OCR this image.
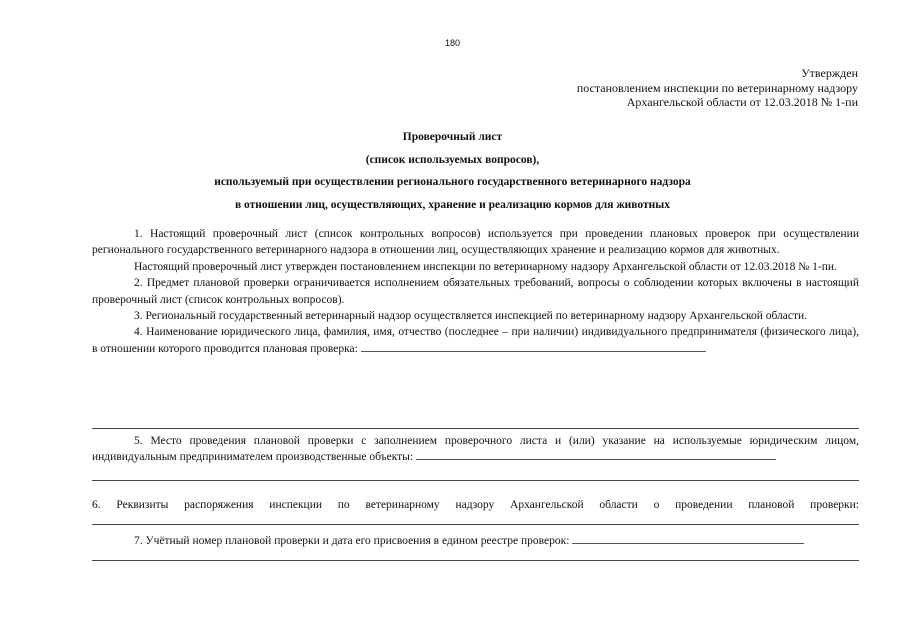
180
Утвержден
постановлением инспекции по ветеринарному надзору
Архангельской области от 12.03.2018 № 1-пи
Проверочный лист
(список используемых вопросов),
используемый при осуществлении регионального государственного ветеринарного надзора
в отношении лиц, осуществляющих, хранение и реализацию кормов для животных

1. Настоящий проверочный лист (список контрольных вопросов) используется при проведении плановых проверок при осуществлении регионального государственного ветеринарного надзора в отношении лиц, осуществляющих хранение и реализацию кормов для животных.

Настоящий проверочный лист утвержден постановлением инспекции по ветеринарному надзору Архангельской области от 12.03.2018 № 1-пи.

2. Предмет плановой проверки ограничивается исполнением обязательных требований, вопросы о соблюдении которых включены в настоящий проверочный лист (список контрольных вопросов).

3. Региональный государственный ветеринарный надзор осуществляется инспекцией по ветеринарному надзору Архангельской области.

4. Наименование юридического лица, фамилия, имя, отчество (последнее – при наличии) индивидуального предпринимателя (физического лица), в отношении которого проводится плановая проверка:

5. Место проведения плановой проверки с заполнением проверочного листа и (или) указание на используемые юридическим лицом, индивидуальным предпринимателем производственные объекты:

6. Реквизиты распоряжения инспекции по ветеринарному надзору Архангельской области о проведении плановой проверки:
7. Учётный номер плановой проверки и дата его присвоения в едином реестре проверок:
